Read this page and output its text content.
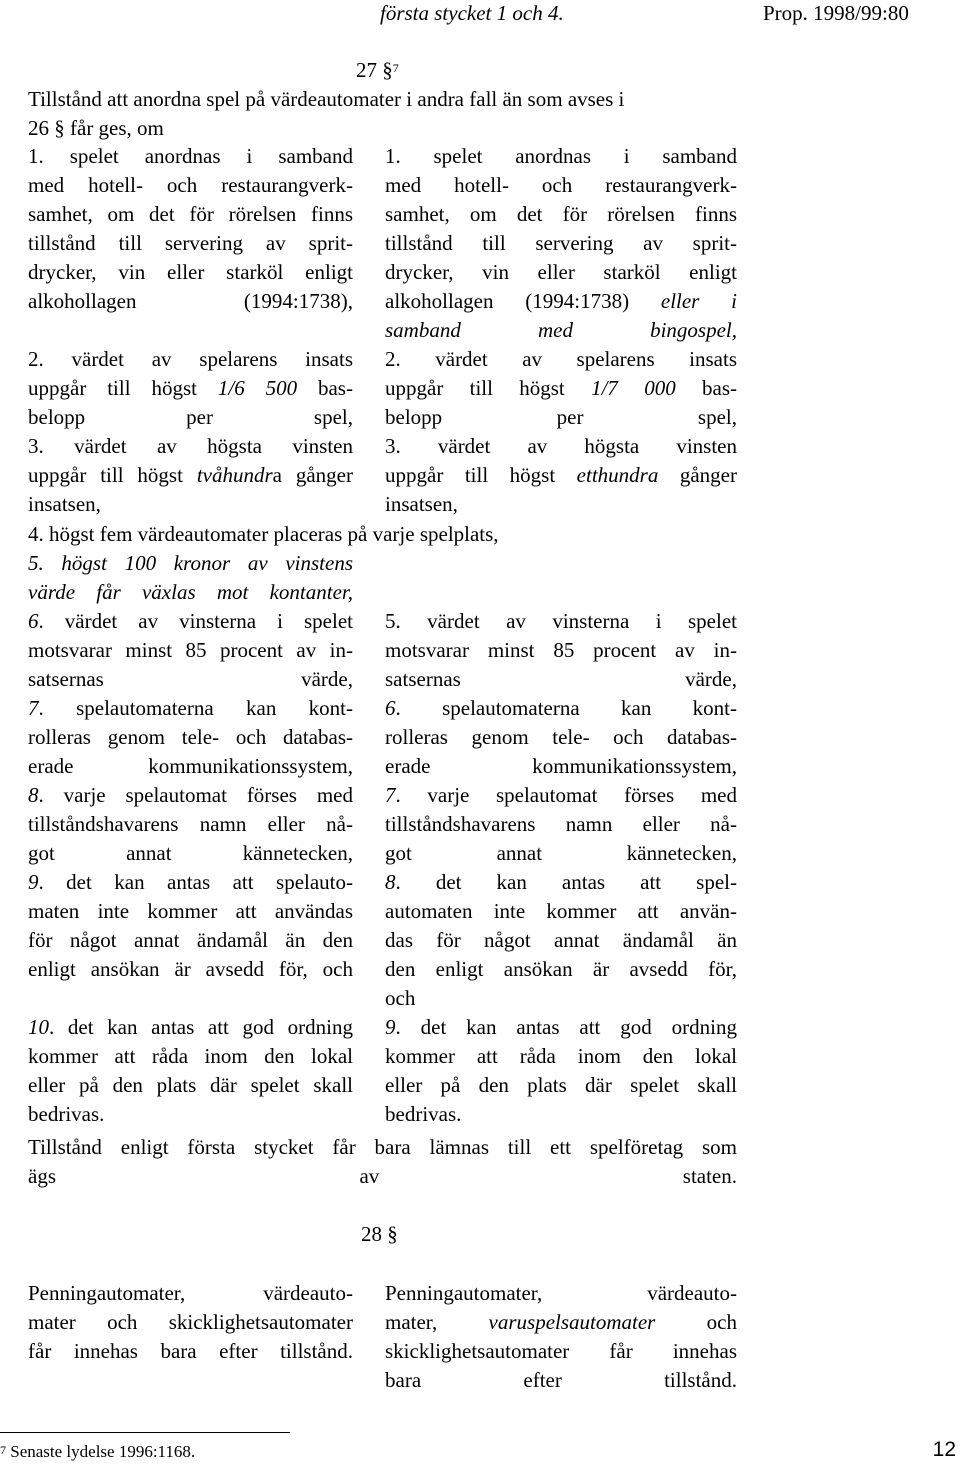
första stycket 1 och 4.	Prop. 1998/99:80
27 §$^7$
Tillstånd att anordna spel på värdeautomater i andra fall än som avses i
26 § får ges, om
1. spelet anordnas i samband
med hotell- och restaurangverk-
samhet, om det för rörelsen finns
tillstånd till servering av sprit-
drycker, vin eller starköl enligt
alkohollagen (1994:1738),

2. värdet av spelarens insats
uppgår till högst 1/6 500 bas-
belopp per spel,
3. värdet av högsta vinsten
uppgår till högst tvåhundra gånger
insatsen,
1. spelet anordnas i samband
med hotell- och restaurangverk-
samhet, om det för rörelsen finns
tillstånd till servering av sprit-
drycker, vin eller starköl enligt
alkohollagen (1994:1738) eller i
samband med bingospel,
2. värdet av spelarens insats
uppgår till högst 1/7 000 bas-
belopp per spel,
3. värdet av högsta vinsten
uppgår till högst etthundra gånger
insatsen,
4. högst fem värdeautomater placeras på varje spelplats,
5. högst 100 kronor av vinstens
värde får växlas mot kontanter,
6. värdet av vinsterna i spelet
motsvarar minst 85 procent av in-
satsernas värde,
7. spelautomaterna kan kont-
rolleras genom tele- och databas-
erade kommunikationssystem,
8. varje spelautomat förses med
tillståndshavarens namn eller nå-
got annat kännetecken,
9. det kan antas att spelauto-
maten inte kommer att användas
för något annat ändamål än den
enligt ansökan är avsedd för, och

10. det kan antas att god ordning
kommer att råda inom den lokal
eller på den plats där spelet skall
bedrivas.
5. värdet av vinsterna i spelet
motsvarar minst 85 procent av in-
satsernas värde,
6. spelautomaterna kan kont-
rolleras genom tele- och databas-
erade kommunikationssystem,
7. varje spelautomat förses med
tillståndshavarens namn eller nå-
got annat kännetecken,
8. det kan antas att spel-
automaten inte kommer att använ-
das för något annat ändamål än
den enligt ansökan är avsedd för,
och
9. det kan antas att god ordning
kommer att råda inom den lokal
eller på den plats där spelet skall
bedrivas.
Tillstånd enligt första stycket får bara lämnas till ett spelföretag som
ägs av staten.
28 §
Penningautomater, värdeauto-
mater och skicklighetsautomater
får innehas bara efter tillstånd.
Penningautomater, värdeauto-
mater, varuspelsautomater och
skicklighetsautomater får innehas
bara efter tillstånd.
$^7$ Senaste lydelse 1996:1168.	12
